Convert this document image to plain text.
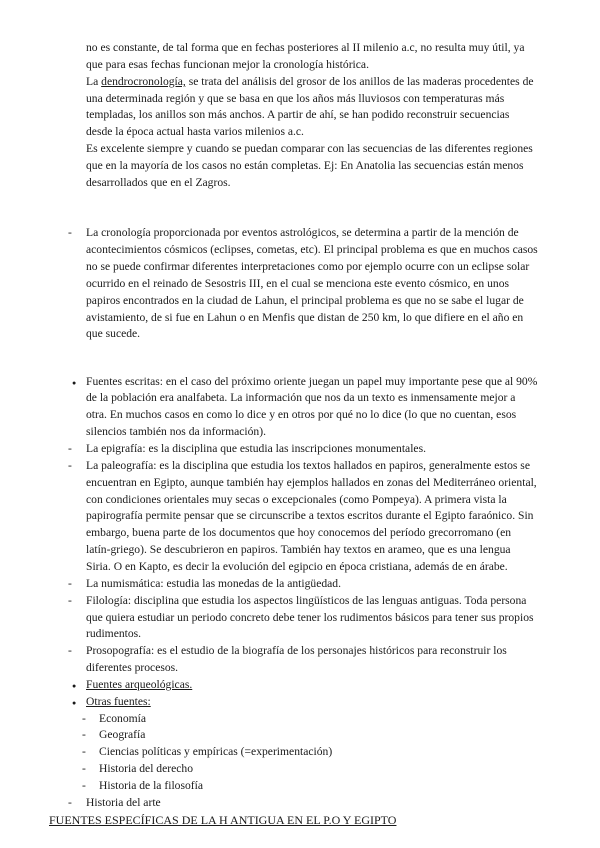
no es constante, de tal forma que en fechas posteriores al II milenio a.c, no resulta muy útil, ya
que para esas fechas funcionan mejor la cronología histórica.
La dendrocronología, se trata del análisis del grosor de los anillos de las maderas procedentes de
una determinada región y que se basa en que los años más lluviosos con temperaturas más
templadas, los anillos son más anchos. A partir de ahí, se han podido reconstruir secuencias
desde la época actual hasta varios milenios a.c.
Es excelente siempre y cuando se puedan comparar con las secuencias de las diferentes regiones
que en la mayoría de los casos no están completas. Ej: En Anatolia las secuencias están menos
desarrollados que en el Zagros.
- La cronología proporcionada por eventos astrológicos, se determina a partir de la mención de
acontecimientos cósmicos (eclipses, cometas, etc). El principal problema es que en muchos casos
no se puede confirmar diferentes interpretaciones como por ejemplo ocurre con un eclipse solar
ocurrido en el reinado de Sesostris III, en el cual se menciona este evento cósmico, en unos
papiros encontrados en la ciudad de Lahun, el principal problema es que no se sabe el lugar de
avistamiento, de si fue en Lahun o en Menfis que distan de 250 km, lo que difiere en el año en
que sucede.
● Fuentes escritas: en el caso del próximo oriente juegan un papel muy importante pese que al 90%
de la población era analfabeta. La información que nos da un texto es inmensamente mejor a
otra. En muchos casos en como lo dice y en otros por qué no lo dice (lo que no cuentan, esos
silencios también nos da información).
- La epigrafía: es la disciplina que estudia las inscripciones monumentales.
- La paleografía: es la disciplina que estudia los textos hallados en papiros, generalmente estos se
encuentran en Egipto, aunque también hay ejemplos hallados en zonas del Mediterráneo oriental,
con condiciones orientales muy secas o excepcionales (como Pompeya). A primera vista la
papirografía permite pensar que se circunscribe a textos escritos durante el Egipto faraónico. Sin
embargo, buena parte de los documentos que hoy conocemos del período grecorromano (en
latín-griego). Se descubrieron en papiros. También hay textos en arameo, que es una lengua
Siria. O en Kapto, es decir la evolución del egipcio en época cristiana, además de en árabe.
- La numismática: estudia las monedas de la antigüedad.
- Filología: disciplina que estudia los aspectos lingüísticos de las lenguas antiguas. Toda persona
que quiera estudiar un periodo concreto debe tener los rudimentos básicos para tener sus propios
rudimentos.
- Prosopografía: es el estudio de la biografía de los personajes históricos para reconstruir los
diferentes procesos.
● Fuentes arqueológicas.
● Otras fuentes:
- Economía
- Geografía
- Ciencias políticas y empíricas (=experimentación)
- Historia del derecho
- Historia de la filosofía
- Historia del arte
FUENTES ESPECÍFICAS DE LA H ANTIGUA EN EL P.O Y EGIPTO
